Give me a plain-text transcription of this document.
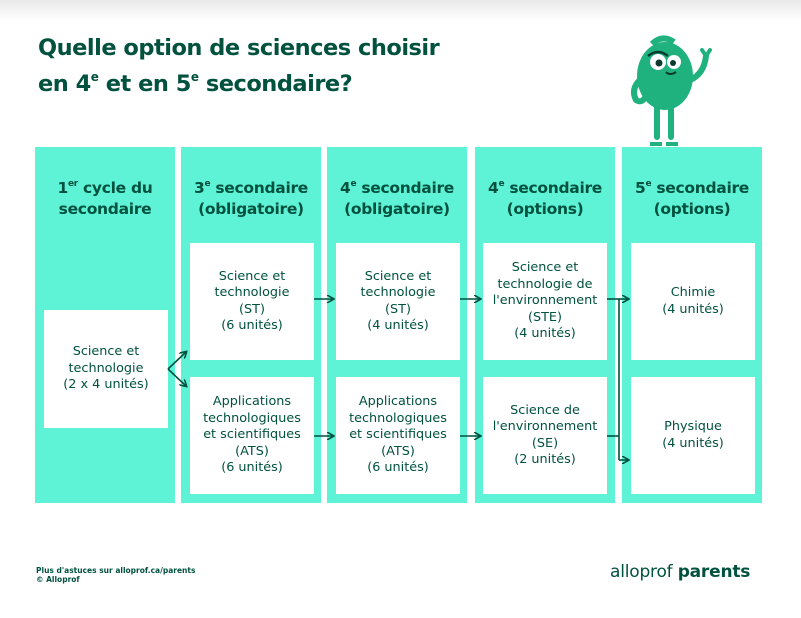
Quelle option de sciences choisir
en 4e et en 5e secondaire?
1er cycle du
secondaire
3e secondaire
(obligatoire)
4e secondaire
(obligatoire)
4e secondaire
(options)
5e secondaire
(options)
Science et
technologie
(2 x 4 unités)
Science et
technologie
(ST)
(6 unités)
Applications
technologiques
et scientifiques
(ATS)
(6 unités)
Science et
technologie
(ST)
(4 unités)
Applications
technologiques
et scientifiques
(ATS)
(6 unités)
Science et
technologie de
l'environnement
(STE)
(4 unités)
Science de
l'environnement
(SE)
(2 unités)
Chimie
(4 unités)
Physique
(4 unités)
Plus d'astuces sur alloprof.ca/parents
© Alloprof	alloprof parents
